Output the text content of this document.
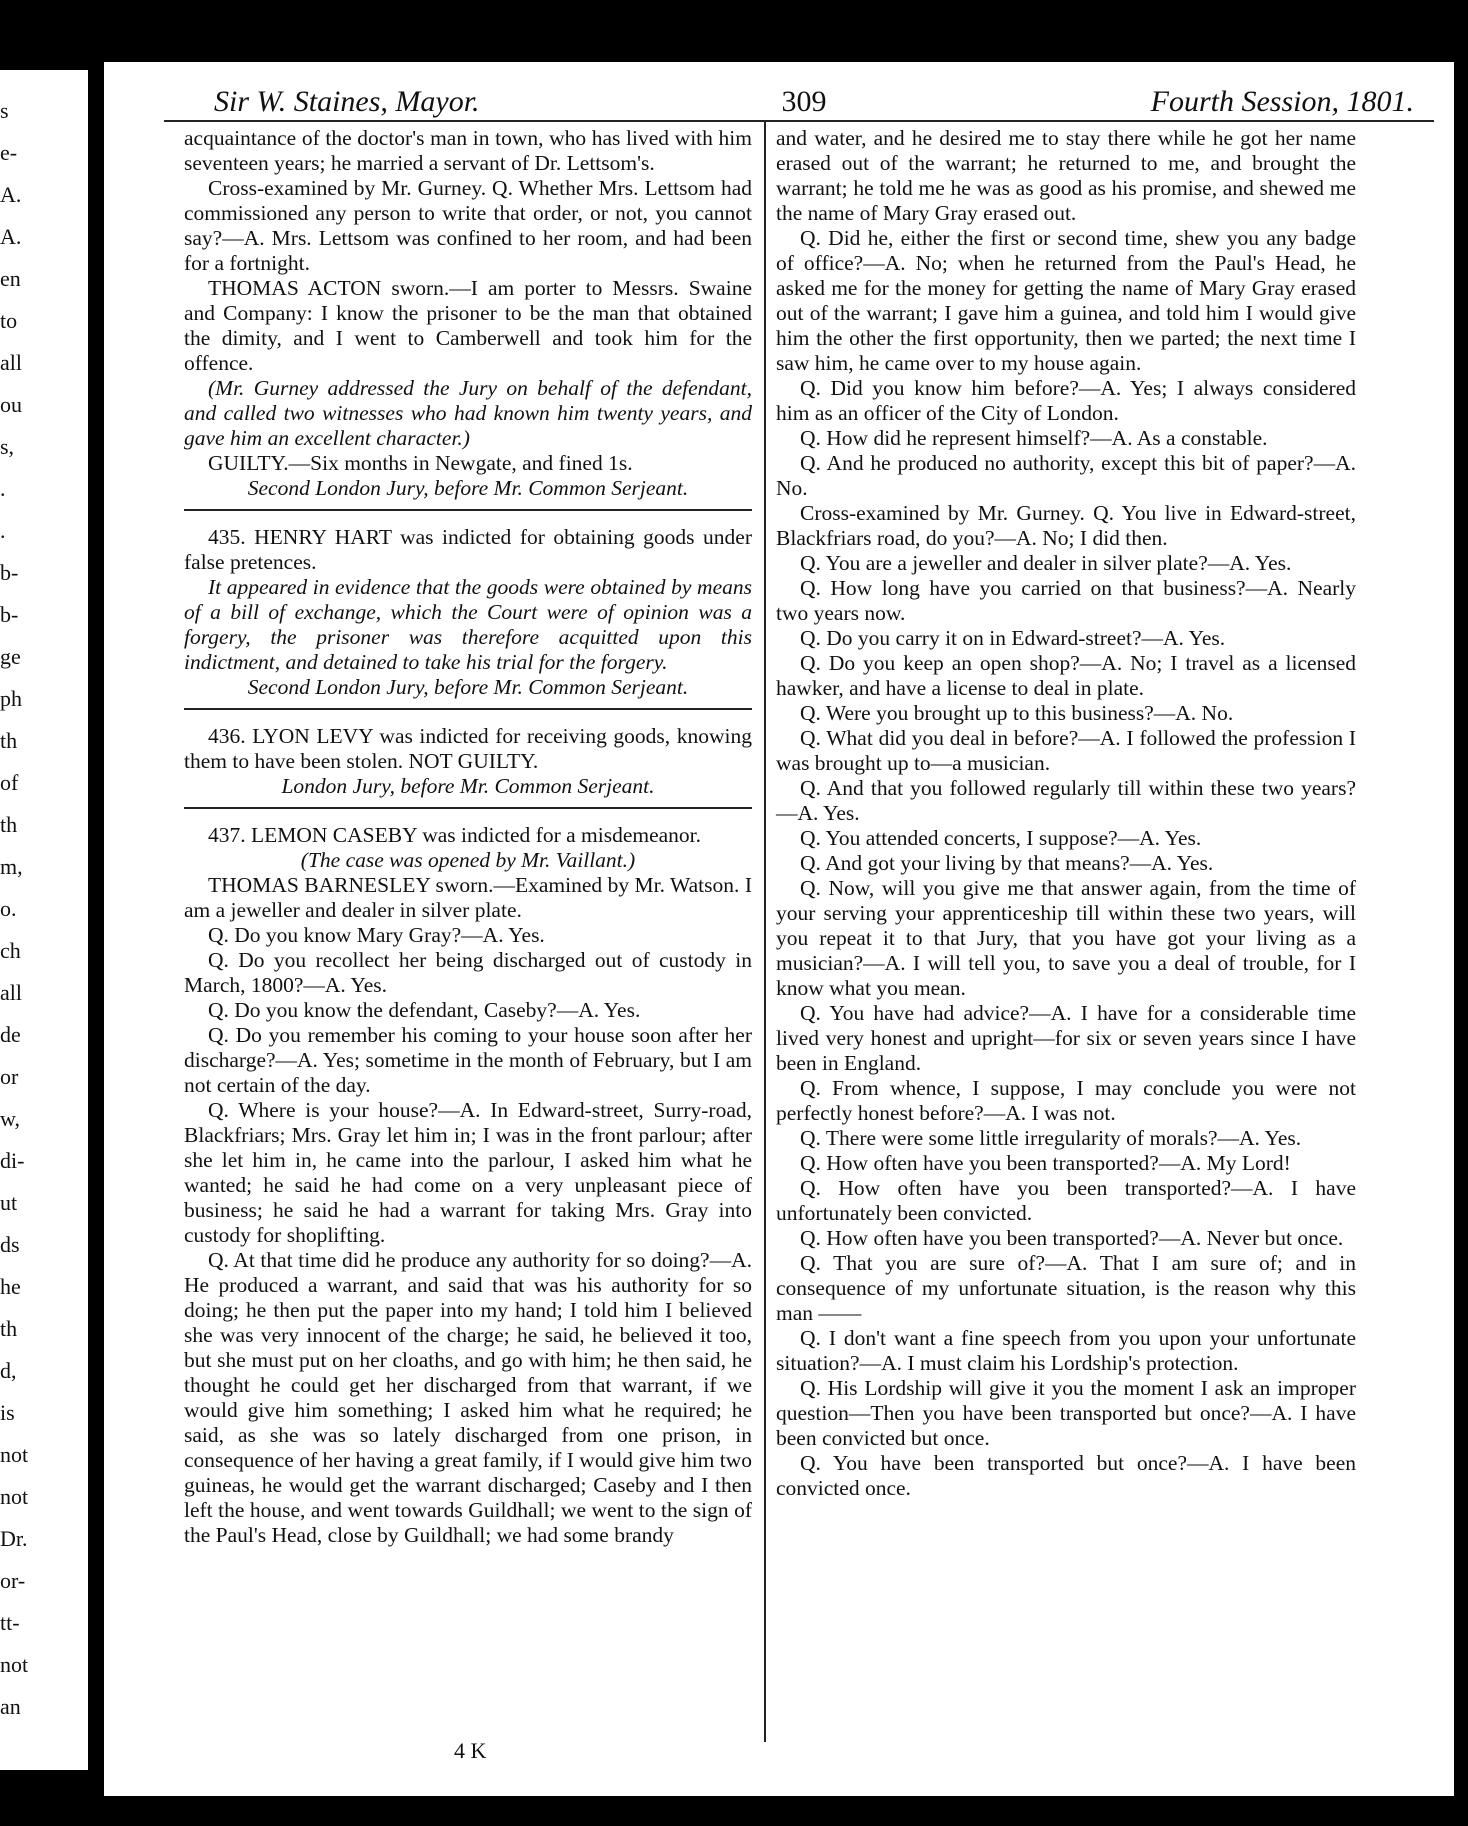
s
e-
A.
A.
en
to
all
ou
s,
.
.
b-
b-
ge
ph
th
of
th
m,
o.
ch
all
de
or
w,
di-
ut
ds
he
th
d,
is
not
not
Dr.
or-
tt-
not
an
Sir W. Staines, Mayor.	309	Fourth Session, 1801.

acquaintance of the doctor's man in town, who has lived with him seventeen years; he married a servant of Dr. Lettsom's.

Cross-examined by Mr. Gurney. Q. Whether Mrs. Lettsom had commissioned any person to write that order, or not, you cannot say?—A. Mrs. Lettsom was confined to her room, and had been for a fortnight.

THOMAS ACTON sworn.—I am porter to Messrs. Swaine and Company: I know the prisoner to be the man that obtained the dimity, and I went to Camberwell and took him for the offence.

(Mr. Gurney addressed the Jury on behalf of the defendant, and called two witnesses who had known him twenty years, and gave him an excellent character.)

GUILTY.—Six months in Newgate, and fined 1s.

Second London Jury, before Mr. Common Serjeant.

435. HENRY HART was indicted for obtaining goods under false pretences.

It appeared in evidence that the goods were obtained by means of a bill of exchange, which the Court were of opinion was a forgery, the prisoner was therefore acquitted upon this indictment, and detained to take his trial for the forgery.

Second London Jury, before Mr. Common Serjeant.

436. LYON LEVY was indicted for receiving goods, knowing them to have been stolen. NOT GUILTY.

London Jury, before Mr. Common Serjeant.

437. LEMON CASEBY was indicted for a misdemeanor.

(The case was opened by Mr. Vaillant.)

THOMAS BARNESLEY sworn.—Examined by Mr. Watson. I am a jeweller and dealer in silver plate.

Q. Do you know Mary Gray?—A. Yes.

Q. Do you recollect her being discharged out of custody in March, 1800?—A. Yes.

Q. Do you know the defendant, Caseby?—A. Yes.

Q. Do you remember his coming to your house soon after her discharge?—A. Yes; sometime in the month of February, but I am not certain of the day.

Q. Where is your house?—A. In Edward-street, Surry-road, Blackfriars; Mrs. Gray let him in; I was in the front parlour; after she let him in, he came into the parlour, I asked him what he wanted; he said he had come on a very unpleasant piece of business; he said he had a warrant for taking Mrs. Gray into custody for shoplifting.

Q. At that time did he produce any authority for so doing?—A. He produced a warrant, and said that was his authority for so doing; he then put the paper into my hand; I told him I believed she was very innocent of the charge; he said, he believed it too, but she must put on her cloaths, and go with him; he then said, he thought he could get her discharged from that warrant, if we would give him something; I asked him what he required; he said, as she was so lately discharged from one prison, in consequence of her having a great family, if I would give him two guineas, he would get the warrant discharged; Caseby and I then left the house, and went towards Guildhall; we went to the sign of the Paul's Head, close by Guildhall; we had some brandy

and water, and he desired me to stay there while he got her name erased out of the warrant; he returned to me, and brought the warrant; he told me he was as good as his promise, and shewed me the name of Mary Gray erased out.

Q. Did he, either the first or second time, shew you any badge of office?—A. No; when he returned from the Paul's Head, he asked me for the money for getting the name of Mary Gray erased out of the warrant; I gave him a guinea, and told him I would give him the other the first opportunity, then we parted; the next time I saw him, he came over to my house again.

Q. Did you know him before?—A. Yes; I always considered him as an officer of the City of London.

Q. How did he represent himself?—A. As a constable.

Q. And he produced no authority, except this bit of paper?—A. No.

Cross-examined by Mr. Gurney. Q. You live in Edward-street, Blackfriars road, do you?—A. No; I did then.

Q. You are a jeweller and dealer in silver plate?—A. Yes.

Q. How long have you carried on that business?—A. Nearly two years now.

Q. Do you carry it on in Edward-street?—A. Yes.

Q. Do you keep an open shop?—A. No; I travel as a licensed hawker, and have a license to deal in plate.

Q. Were you brought up to this business?—A. No.

Q. What did you deal in before?—A. I followed the profession I was brought up to—a musician.

Q. And that you followed regularly till within these two years?—A. Yes.

Q. You attended concerts, I suppose?—A. Yes.

Q. And got your living by that means?—A. Yes.

Q. Now, will you give me that answer again, from the time of your serving your apprenticeship till within these two years, will you repeat it to that Jury, that you have got your living as a musician?—A. I will tell you, to save you a deal of trouble, for I know what you mean.

Q. You have had advice?—A. I have for a considerable time lived very honest and upright—for six or seven years since I have been in England.

Q. From whence, I suppose, I may conclude you were not perfectly honest before?—A. I was not.

Q. There were some little irregularity of morals?—A. Yes.

Q. How often have you been transported?—A. My Lord!

Q. How often have you been transported?—A. I have unfortunately been convicted.

Q. How often have you been transported?—A. Never but once.

Q. That you are sure of?—A. That I am sure of; and in consequence of my unfortunate situation, is the reason why this man ——

Q. I don't want a fine speech from you upon your unfortunate situation?—A. I must claim his Lordship's protection.

Q. His Lordship will give it you the moment I ask an improper question—Then you have been transported but once?—A. I have been convicted but once.

Q. You have been transported but once?—A. I have been convicted once.

4 K
